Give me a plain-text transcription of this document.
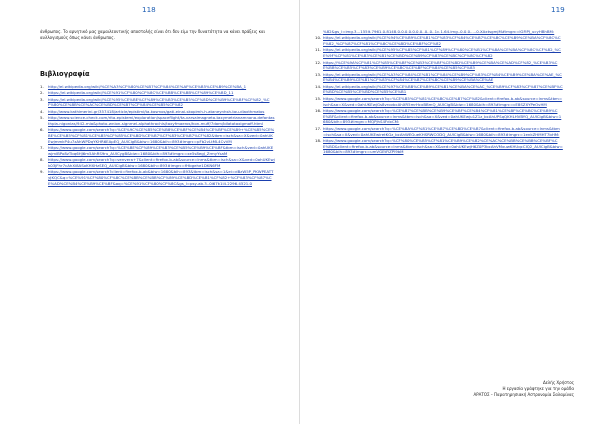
118
άνθρωπος. Το αρνητικό μας χαμαιλεοντικής αποστολής είναι ότι δεν είμι την δυνατότητα να κάνει πράξεις και αυλλογισμούς όπως κάνει άνθρωπος.
Βιβλιογραφία
1.	http://el.wikipedia.org/wiki/%CE%A3%CF%80%CE%B7%CF%84%CE%AF%CE%B5%CE%B9%CE%BA_1
2.	https://el.wikipedia.org/wiki/%CE%91%CF%80%CF%8C%CE%BB%CE%BB%CF%89%CE%BD_11
3.	https://el.wikipedia.org/wiki/%CE%95%CE%BE%CF%89%CE%B3%CE%B5%CF%8D%CE%B9%CE%BF%CF%82_%CF%80%CE%BB%CE%AC%CE%BD%CE%B7%CF%84%CE%B5%CF%82
4.	http://www.kathimerini.gr/357418/article/epistimi/ta-kosmos/gati-einai-skopimh-h-ataneynhsh-tou-diaxthmatos
5.	http://www.science-check.com/rita-epistemi/exploration/spaceflight/ta-varsaimagneta-taxymetrianamnona-defantasthpla-nigonias/942-mia&photo-wnion-signmel-alphathrochis/taxyfmaeros/hon-muff/7dam/bilatotaxigmaff.html
6.	https://www.google.com/search?q=%CE%9C%CE%B5%CE%B8%CE%BF%CE%B4%CE%BF%CE%B9+%CE%B5%CE%BE%CE%B5%CF%81%CE%B5%CF%85%CE%BD%CE%B7%CF%83%CE%B7%CF%82&tbm=isch&sa=X&ved=0ahUKEwjmmkP4u7zAhWPDqYKHR6EApEQ_AUICigB&biw=1680&bih=893#imgrc=pFb2vLtML4CvVM
7.	https://www.google.com/search?q=%CE%BE%CF%89%CE%B3%CE%B5%CE%B9%CE%BF&tbm=isch&ved=0ahUKEwjmlBPo8zTbq6HJ6m5AhRS9ru_AUICygB&biw=1680&bih=893#imgrc=xe5s8egJ_ZrmyYsaM
8.	https://www.google.com/search?q=venvera+7&client=firefox-b-ab&source=lnms&tbm=isch&sa=X&ved=0ahUKEwjk03jFhr7cAhXi8ASoKHXHzSEQ_AUICigB&biw=1680&bih=893#imgrc=fHbgehe1DKN6FM
9.	https://www.google.com/search?client=firefox-b-ab&biw=1680&bih=893&tbm=isch&sa=1&ei=dBzW5P_PKWPEATTyJKQC&q=%CE%91%CF%80%CF%8C%CE%BB%CE%BB%CF%89%CE%BD%CE%B1%CF%82+%CF%83%CF%87%CE%AD%CE%B4%CE%B9%CE%BF&oq=%CE%91%CF%80%CF%8C&gs_l=psy-ab.3..0i67k1l4.2296.4521.0
119
%82&gs_l=img.3...155lt.7961.0.8148.0.0.0.0.0.0.0..0..0..1c.1.64.img..0.0.0.....0.XAxtsgmjM#imgrc=lGFiPJ_ucyHBhBM:
10. https://el.wikipedia.org/wiki/%CE%94%CE%B9%CE%B1%CF%83%CF%84%CE%B7%CE%BC%CE%B9%CE%BA%CF%8C%CF%82_%CF%87%CF%81%CF%8C%CE%BD%CE%BF%CF%82
11. https://el.wikipedia.org/wiki/%CE%95%CF%85%CF%81%CF%89%CF%80%CE%B1%CF%8A%CE%BA%CF%8C%CF%82_%CE%9F%CF%81%CE%B3%CE%B1%CE%BD%CE%B9%CF%83%CE%BC%CF%8C%CF%82
12. https://%CE%9A%CF%81%CF%85%CE%BF%CE%B3%CE%BF%CE%BD%CE%B9%CE%BA%CE%AD%CF%82_%CE%B3%CE%BB%CE%B5%CF%83%CE%B9%CE%BC%CE%BF%CF%84%CE%B5%CF%83
13. https://el.wikipedia.org/wiki/%CE%A3%CF%84%CE%B1%CF%84%CE%B9%CF%83%CF%84%CE%B9%CE%BA%CE%AE_%CE%B4%CE%B9%CE%B1%CF%83%CF%84%CE%B7%CE%BC%CE%B9%CE%BA%CE%AE
14. https://el.wikipedia.org/wiki/%CE%97%CE%BB%CE%B9%CE%B1%CE%BA%CE%AC_%CE%B9%CF%83%CF%87%CE%BF%CE%BD%CE%B5%CE%BD%CE%B5%CE%B1
15. https://www.google.com/search?q=%CE%B5%CF%81%CE%BC%CE%B7%CF%82&client=firefox-b-ab&source=lnms&tbm=isch&sa=X&ved=0ahUKEwjGs8vrovbcAhXR5mrHcxBBmQ_AUICigB&biw=1680&bih=893#imgrc=cE8SZXYPeOvHM
16. https://www.google.com/search?q=%CE%B7%CE%BB%CE%B9%CE%BF%CE%B4%CF%81%CE%BF%CE%BC%CE%B9%CE%BF&client=firefox-b-ab&source=lnms&tbm=isch&sa=X&ved=0ahUKEwju1Z1z_bcAhUPSqQKHLHVBYQ_AUICigB&biw=1680&bih=893#imgrc=MQPjhS4FdxCM:
17. https://www.google.com/search?q=%CE%BA%CF%81%CE%B7%CE%BD%CE%B7&client=firefox-b-ab&source=lnms&tbm=isch&sa=X&ved=0ahUKEwiretKGz_bcAhWEGueKHSRWCODQ_AUICigB&biw=1680&bih=893#imgrc=1enkZHMHT7bHM:
18. https://www.google.com/search?q=%CF%80%CE%B5%CF%81%CE%B9%CE%B2%CE%AC%CE%BB%CE%BB%CE%BF%CE%BD&client=firefox-b-ab&source=lnms&tbm=isch&sa=X&ved=0ahUKEwjH6Z0P3bcAhVMxuwKHUqcCIQ2_AUICigB&biw=1680&bih=893#imgrc=umVGEtFiZPl9bM
Δελής Χρήστος
Η εργασία γράφτηκε για την ομάδα
ΑΡΑΤΟΣ – Παρατηρησιακή Αστρονομία Σαλαμίνας
